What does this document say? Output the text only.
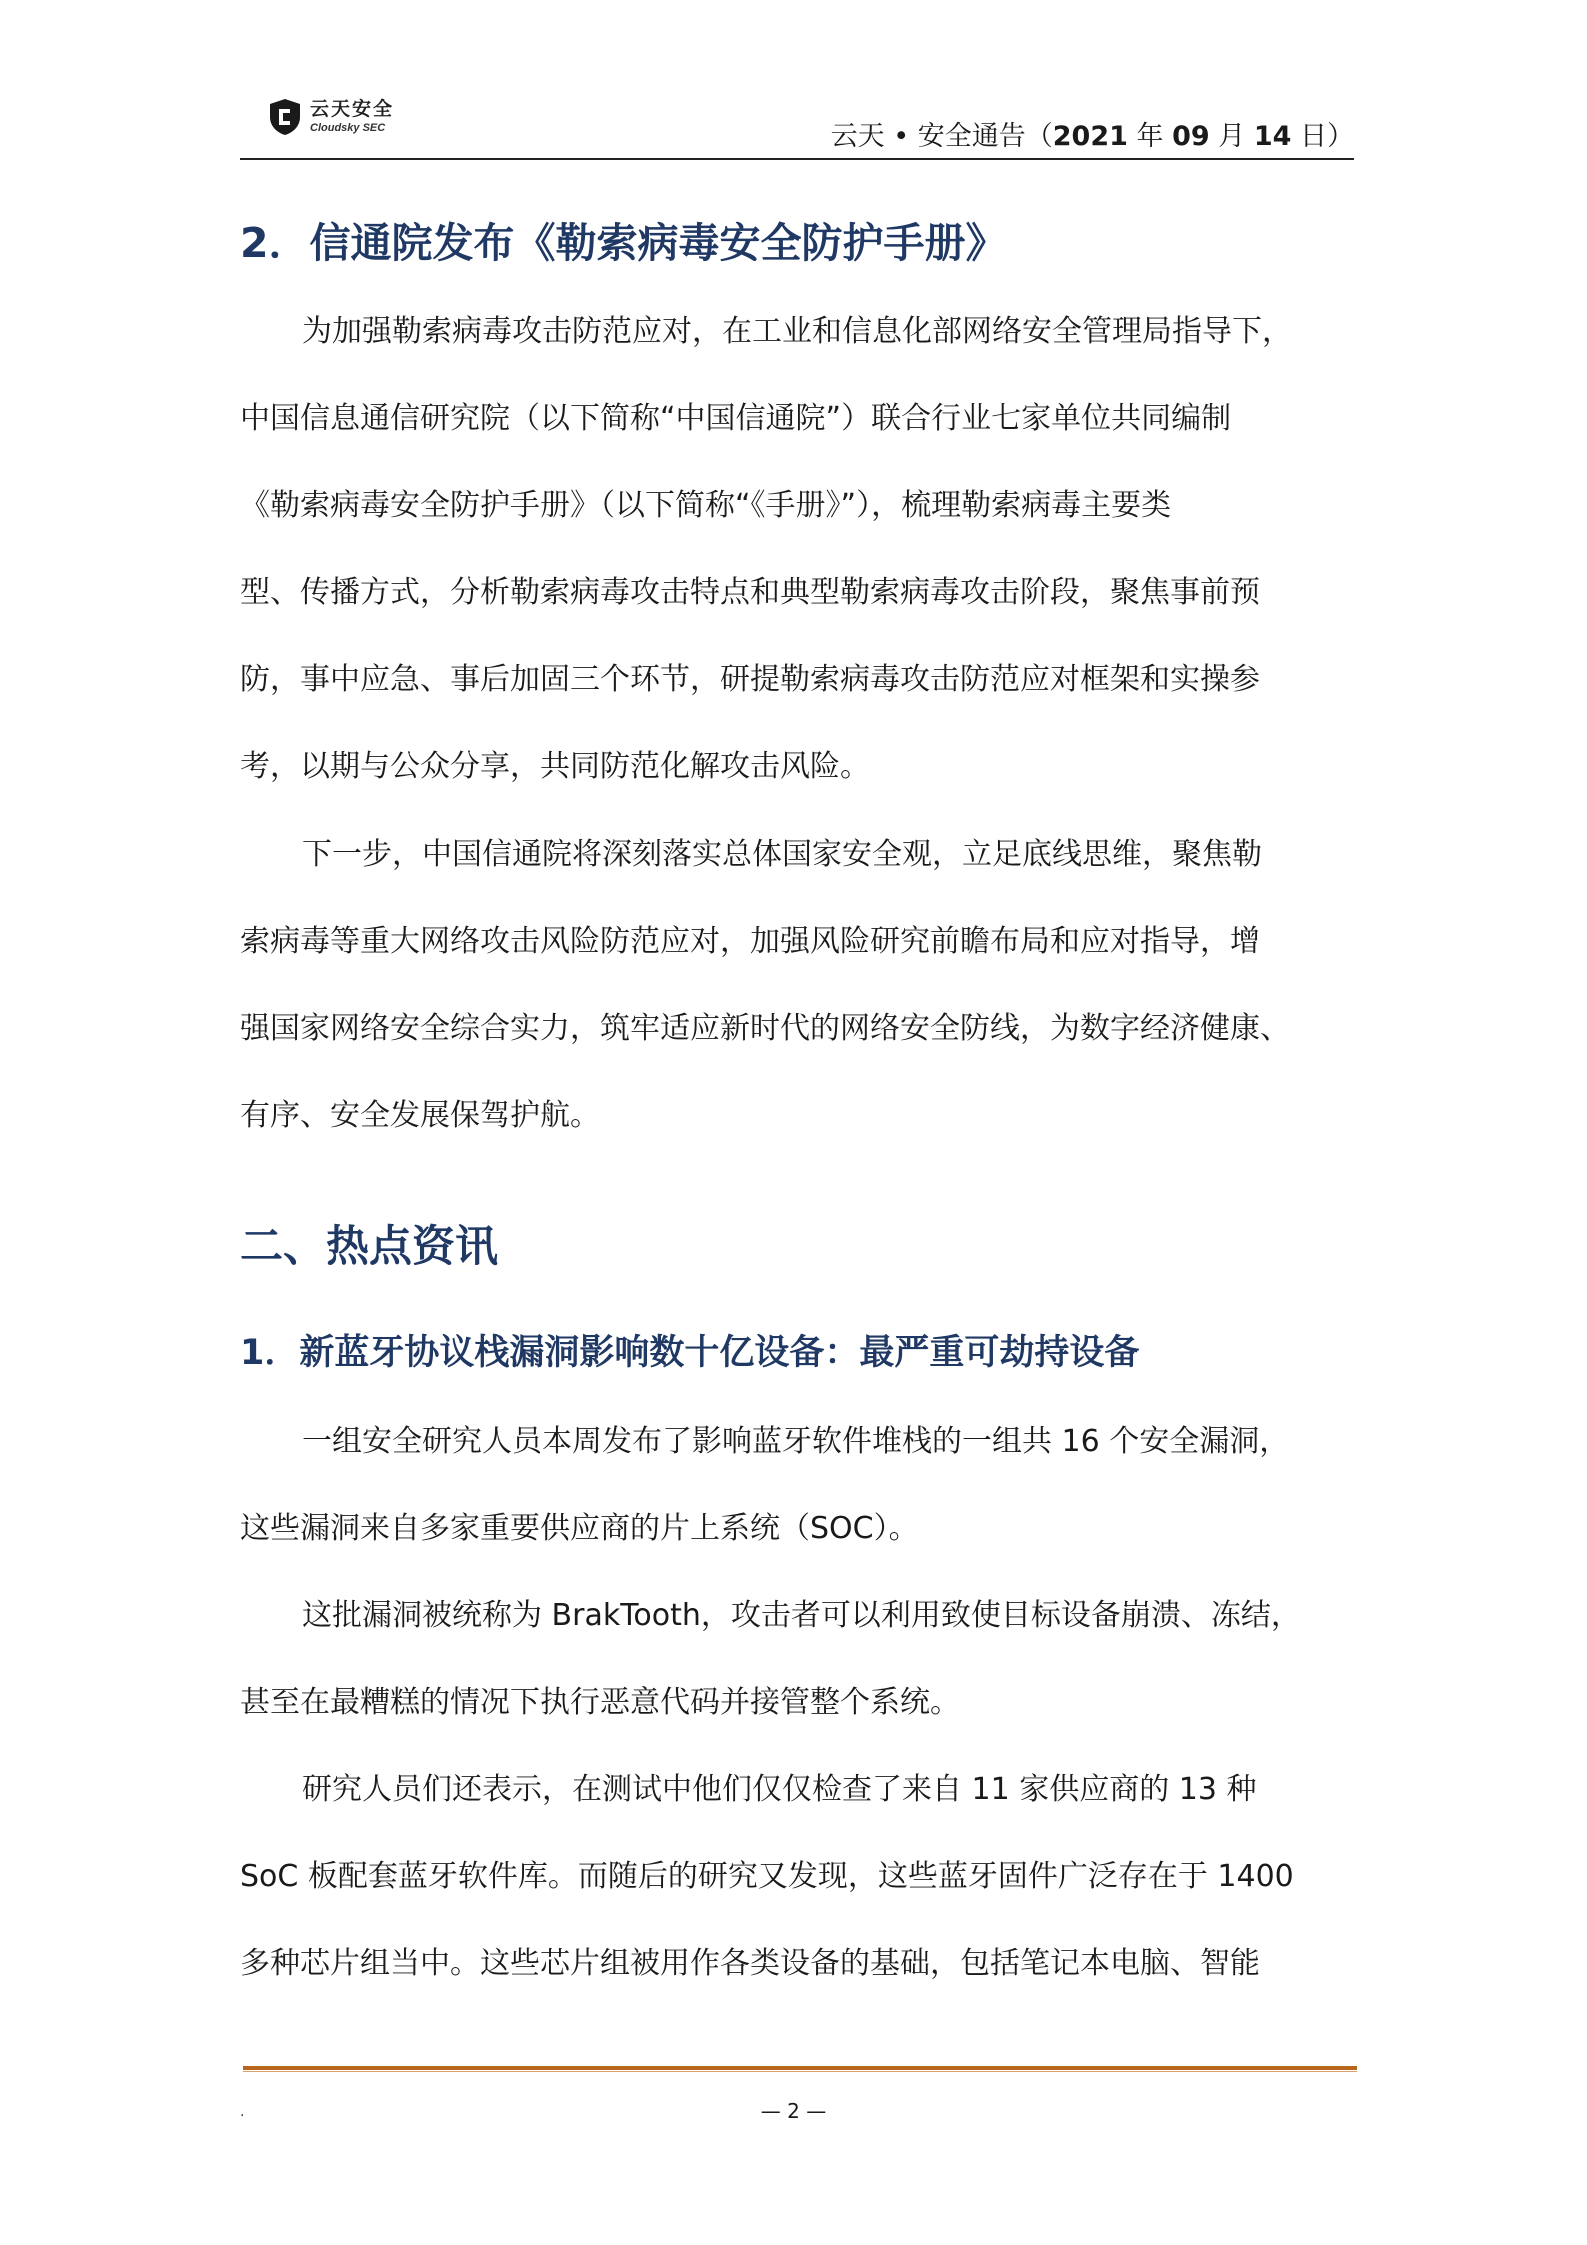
云天安全
Cloudsky SEC	云天 • 安全通告（2021 年 09 月 14 日）
2．信通院发布《勒索病毒安全防护手册》
为加强勒索病毒攻击防范应对，在工业和信息化部网络安全管理局指导下，
中国信息通信研究院（以下简称“中国信通院”）联合行业七家单位共同编制
《勒索病毒安全防护手册》（以下简称“《手册》”），梳理勒索病毒主要类
型、传播方式，分析勒索病毒攻击特点和典型勒索病毒攻击阶段，聚焦事前预
防，事中应急、事后加固三个环节，研提勒索病毒攻击防范应对框架和实操参
考，以期与公众分享，共同防范化解攻击风险。
下一步，中国信通院将深刻落实总体国家安全观，立足底线思维，聚焦勒
索病毒等重大网络攻击风险防范应对，加强风险研究前瞻布局和应对指导，增
强国家网络安全综合实力，筑牢适应新时代的网络安全防线，为数字经济健康、
有序、安全发展保驾护航。
二、热点资讯
1．新蓝牙协议栈漏洞影响数十亿设备：最严重可劫持设备
一组安全研究人员本周发布了影响蓝牙软件堆栈的一组共 16 个安全漏洞，
这些漏洞来自多家重要供应商的片上系统（SOC）。
这批漏洞被统称为 BrakTooth，攻击者可以利用致使目标设备崩溃、冻结，
甚至在最糟糕的情况下执行恶意代码并接管整个系统。
研究人员们还表示，在测试中他们仅仅检查了来自 11 家供应商的 13 种
SoC 板配套蓝牙软件库。而随后的研究又发现，这些蓝牙固件广泛存在于 1400
多种芯片组当中。这些芯片组被用作各类设备的基础，包括笔记本电脑、智能
.	— 2 —
